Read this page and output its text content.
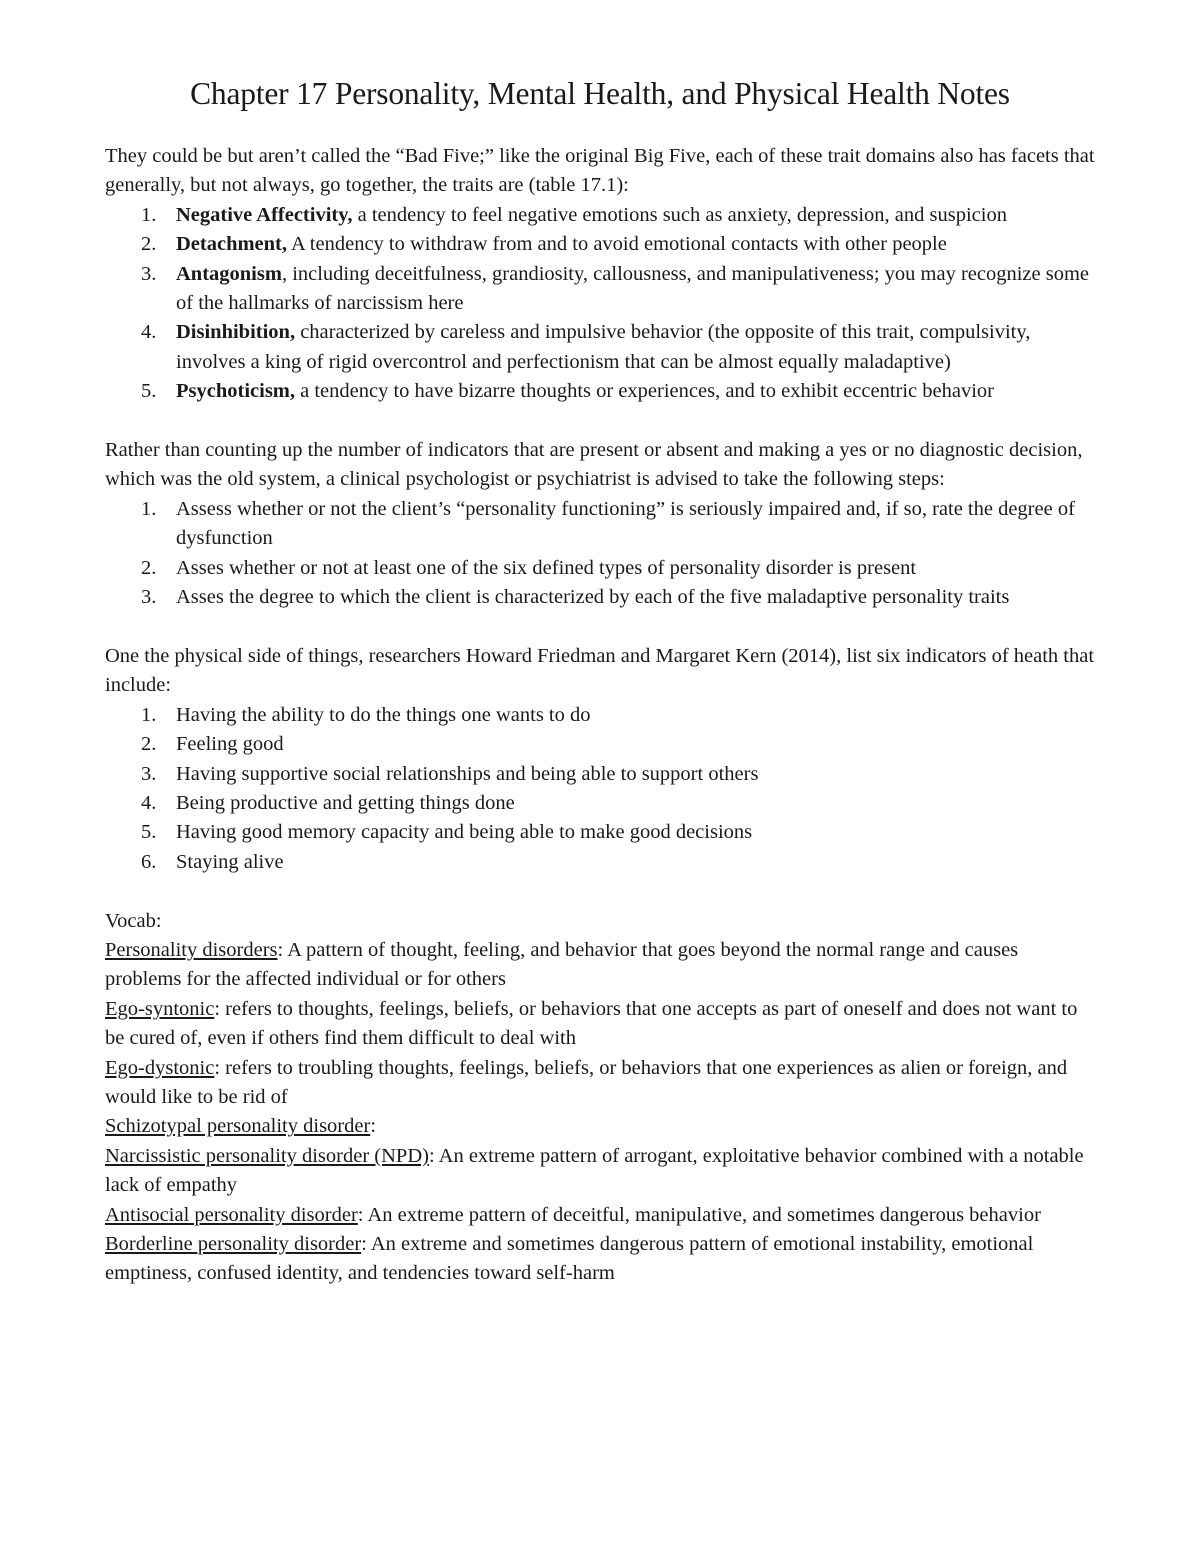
Chapter 17 Personality, Mental Health, and Physical Health Notes

They could be but aren’t called the “Bad Five;” like the original Big Five, each of these trait domains also has facets that generally, but not always, go together, the traits are (table 17.1):

1. Negative Affectivity, a tendency to feel negative emotions such as anxiety, depression, and suspicion
2. Detachment, A tendency to withdraw from and to avoid emotional contacts with other people
3. Antagonism, including deceitfulness, grandiosity, callousness, and manipulativeness; you may recognize some of the hallmarks of narcissism here
4. Disinhibition, characterized by careless and impulsive behavior (the opposite of this trait, compulsivity, involves a king of rigid overcontrol and perfectionism that can be almost equally maladaptive)
5. Psychoticism, a tendency to have bizarre thoughts or experiences, and to exhibit eccentric behavior

Rather than counting up the number of indicators that are present or absent and making a yes or no diagnostic decision, which was the old system, a clinical psychologist or psychiatrist is advised to take the following steps:

1. Assess whether or not the client’s “personality functioning” is seriously impaired and, if so, rate the degree of dysfunction
2. Asses whether or not at least one of the six defined types of personality disorder is present
3. Asses the degree to which the client is characterized by each of the five maladaptive personality traits

One the physical side of things, researchers Howard Friedman and Margaret Kern (2014), list six indicators of heath that include:

1. Having the ability to do the things one wants to do
2. Feeling good
3. Having supportive social relationships and being able to support others
4. Being productive and getting things done
5. Having good memory capacity and being able to make good decisions
6. Staying alive

Vocab:

Personality disorders: A pattern of thought, feeling, and behavior that goes beyond the normal range and causes problems for the affected individual or for others

Ego-syntonic: refers to thoughts, feelings, beliefs, or behaviors that one accepts as part of oneself and does not want to be cured of, even if others find them difficult to deal with

Ego-dystonic: refers to troubling thoughts, feelings, beliefs, or behaviors that one experiences as alien or foreign, and would like to be rid of

Schizotypal personality disorder:

Narcissistic personality disorder (NPD): An extreme pattern of arrogant, exploitative behavior combined with a notable lack of empathy

Antisocial personality disorder: An extreme pattern of deceitful, manipulative, and sometimes dangerous behavior

Borderline personality disorder: An extreme and sometimes dangerous pattern of emotional instability, emotional emptiness, confused identity, and tendencies toward self-harm
